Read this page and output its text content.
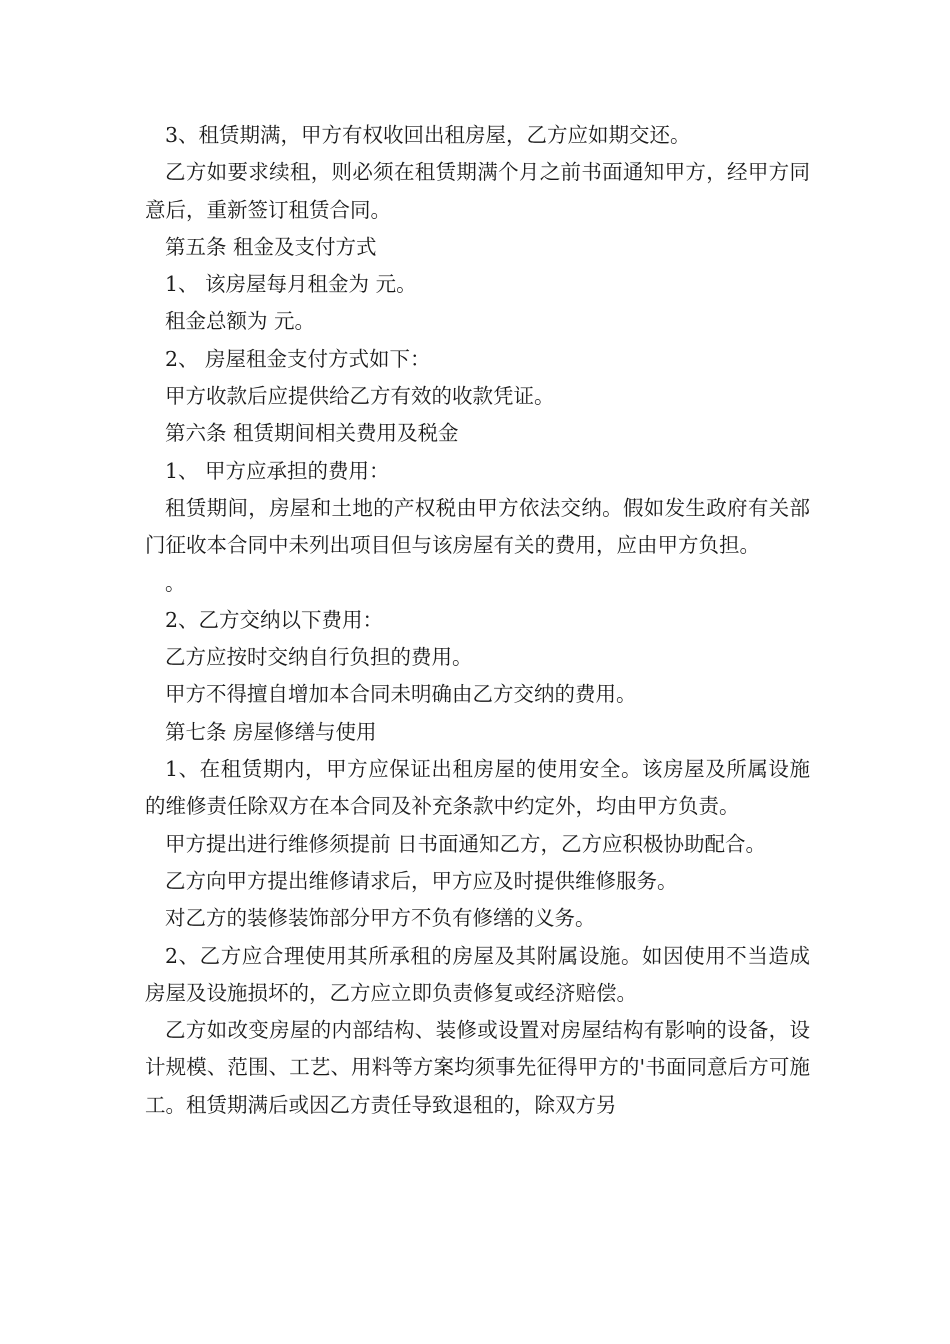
3、租赁期满，甲方有权收回出租房屋，乙方应如期交还。

乙方如要求续租，则必须在租赁期满个月之前书面通知甲方，经甲方同意后，重新签订租赁合同。

第五条 租金及支付方式

1、 该房屋每月租金为 元。

租金总额为 元。

2、 房屋租金支付方式如下：

甲方收款后应提供给乙方有效的收款凭证。

第六条 租赁期间相关费用及税金

1、 甲方应承担的费用：

租赁期间，房屋和土地的产权税由甲方依法交纳。假如发生政府有关部门征收本合同中未列出项目但与该房屋有关的费用，应由甲方负担。

。

2、乙方交纳以下费用：

乙方应按时交纳自行负担的费用。

甲方不得擅自增加本合同未明确由乙方交纳的费用。

第七条 房屋修缮与使用

1、在租赁期内，甲方应保证出租房屋的使用安全。该房屋及所属设施的维修责任除双方在本合同及补充条款中约定外，均由甲方负责。

甲方提出进行维修须提前 日书面通知乙方，乙方应积极协助配合。

乙方向甲方提出维修请求后，甲方应及时提供维修服务。

对乙方的装修装饰部分甲方不负有修缮的义务。

2、乙方应合理使用其所承租的房屋及其附属设施。如因使用不当造成房屋及设施损坏的，乙方应立即负责修复或经济赔偿。

乙方如改变房屋的内部结构、装修或设置对房屋结构有影响的设备，设计规模、范围、工艺、用料等方案均须事先征得甲方的'书面同意后方可施工。租赁期满后或因乙方责任导致退租的，除双方另
